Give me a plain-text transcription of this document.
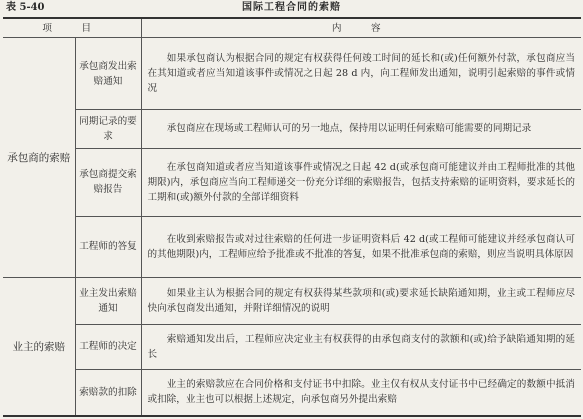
表 5-40	国际工程合同的索赔
项　目		内　容
承包商的索赔	承包商发出索赔通知	如果承包商认为根据合同的规定有权获得任何竣工时间的延长和(或)任何额外付款，承包商应当在其知道或者应当知道该事件或情况之日起 28 d 内，向工程师发出通知，说明引起索赔的事件或情况
	同期记录的要求	承包商应在现场或工程师认可的另一地点，保持用以证明任何索赔可能需要的同期记录
	承包商提交索赔报告	在承包商知道或者应当知道该事件或情况之日起 42 d(或承包商可能建议并由工程师批准的其他期限)内，承包商应当向工程师递交一份充分详细的索赔报告，包括支持索赔的证明资料，要求延长的工期和(或)额外付款的全部详细资料
	工程师的答复	在收到索赔报告或对过往索赔的任何进一步证明资料后 42 d(或工程师可能建议并经承包商认可的其他期限)内，工程师应给予批准或不批准的答复，如果不批准承包商的索赔，则应当说明具体原因
业主的索赔	业主发出索赔通知	如果业主认为根据合同的规定有权获得某些款项和(或)要求延长缺陷通知期，业主或工程师应尽快向承包商发出通知，并附详细情况的说明
	工程师的决定	索赔通知发出后，工程师应决定业主有权获得的由承包商支付的款额和(或)给予缺陷通知期的延长
	索赔款的扣除	业主的索赔款应在合同价格和支付证书中扣除。业主仅有权从支付证书中已经确定的数额中抵消或扣除，业主也可以根据上述规定，向承包商另外提出索赔
